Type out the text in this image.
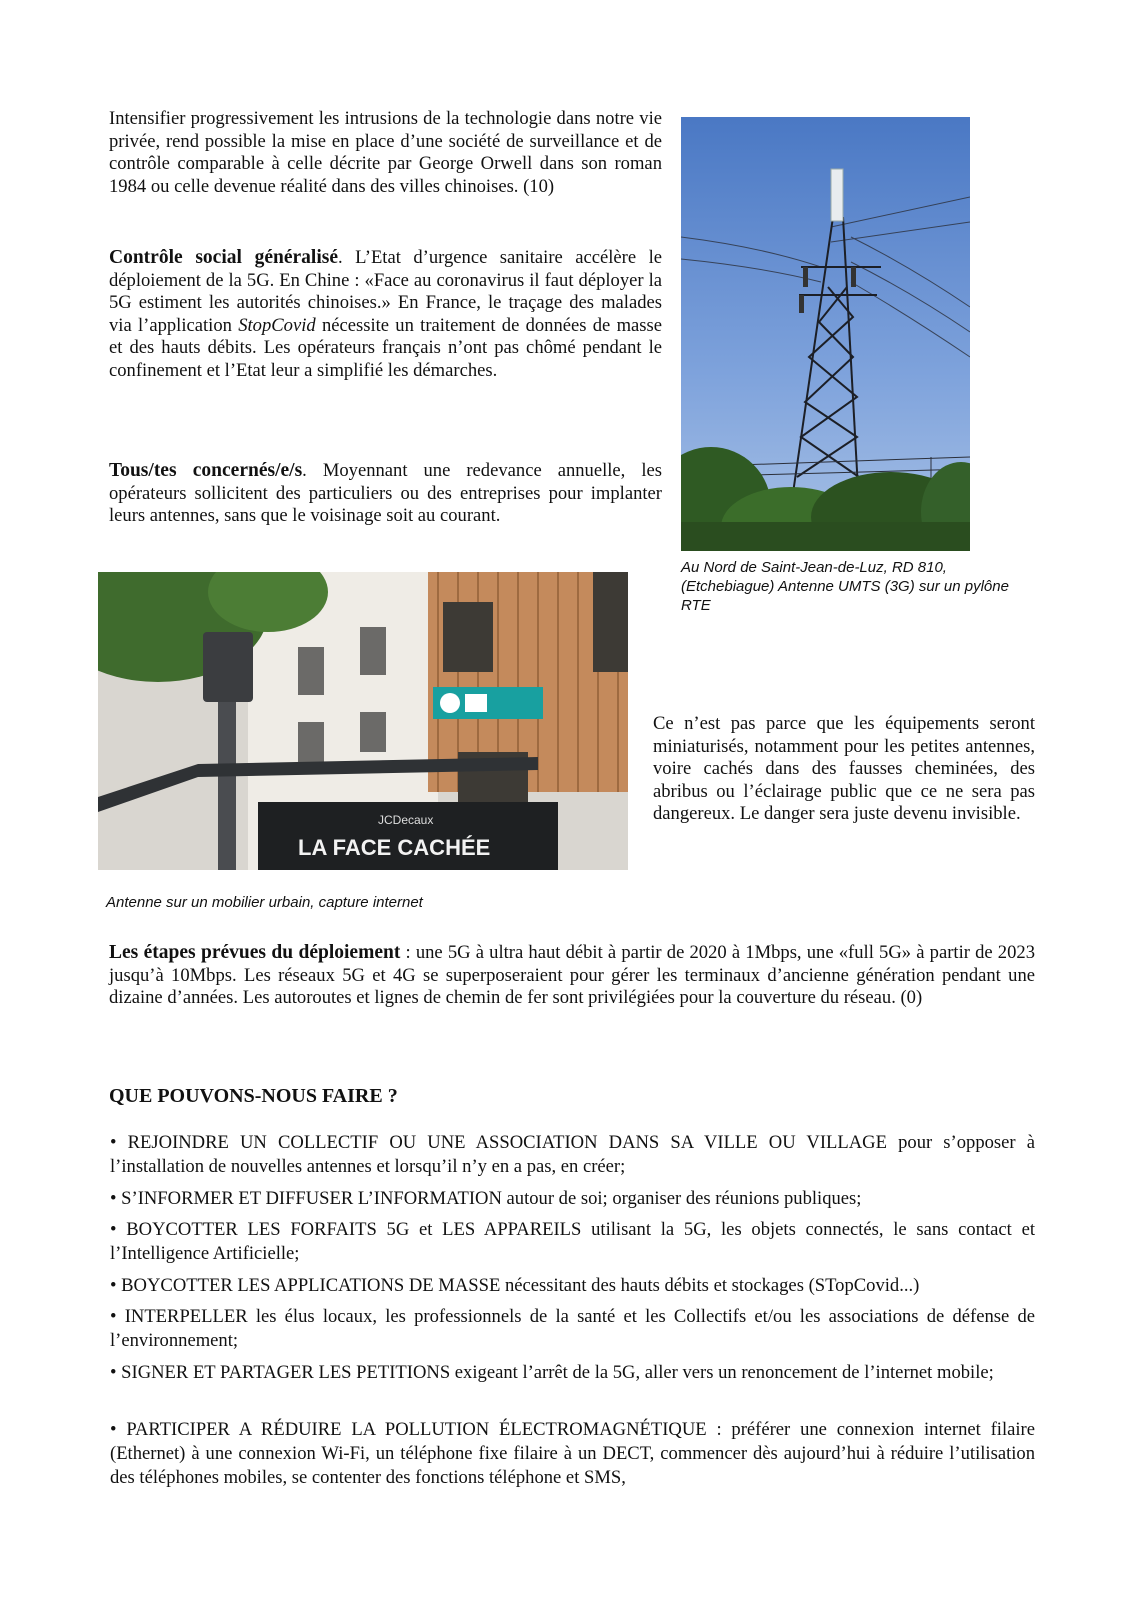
Intensifier progressivement les intrusions de la technologie dans notre vie privée, rend possible la mise en place d’une société de surveillance et de contrôle comparable à celle décrite par George Orwell dans son roman 1984 ou celle devenue réalité dans des villes chinoises. (10)

Contrôle social généralisé. L’Etat d’urgence sanitaire accélère le déploiement de la 5G. En Chine : «Face au coronavirus il faut déployer la 5G estiment les autorités chinoises.» En France, le traçage des malades via l’application StopCovid nécessite un traitement de données de masse et des hauts débits. Les opérateurs français n’ont pas chômé pendant le confinement et l’Etat leur a simplifié les démarches.

Tous/tes concernés/e/s. Moyennant une redevance annuelle, les opérateurs sollicitent des particuliers ou des entreprises pour implanter leurs antennes, sans que le voisinage soit au courant.

Au Nord de Saint-Jean-de-Luz, RD 810, (Etchebiague) Antenne UMTS (3G) sur un pylône RTE

JCDecaux
LA FACE CACHÉE

Antenne sur un mobilier urbain, capture internet

Ce n’est pas parce que les équipements seront miniaturisés, notamment pour les petites antennes, voire cachés dans des fausses cheminées, des abribus ou l’éclairage public que ce ne sera pas dangereux. Le danger sera juste devenu invisible.

Les étapes prévues du déploiement : une 5G à ultra haut débit à partir de 2020 à 1Mbps, une «full 5G» à partir de 2023 jusqu’à 10Mbps. Les réseaux 5G et 4G se superposeraient pour gérer les terminaux d’ancienne génération pendant une dizaine d’années. Les autoroutes et lignes de chemin de fer sont privilégiées pour la couverture du réseau. (0)

QUE POUVONS-NOUS FAIRE ?

• REJOINDRE UN COLLECTIF OU UNE ASSOCIATION DANS SA VILLE OU VILLAGE pour s’opposer à l’installation de nouvelles antennes et lorsqu’il n’y en a pas, en créer;

• S’INFORMER ET DIFFUSER L’INFORMATION autour de soi; organiser des réunions publiques;

• BOYCOTTER LES FORFAITS 5G et LES APPAREILS utilisant la 5G, les objets connectés, le sans contact et l’Intelligence Artificielle;

• BOYCOTTER LES APPLICATIONS DE MASSE nécessitant des hauts débits et stockages (STopCovid...)

• INTERPELLER les élus locaux, les professionnels de la santé et les Collectifs et/ou les associations de défense de l’environnement;

• SIGNER ET PARTAGER LES PETITIONS exigeant l’arrêt de la 5G, aller vers un renoncement de l’internet mobile;

• PARTICIPER A RÉDUIRE LA POLLUTION ÉLECTROMAGNÉTIQUE : préférer une connexion internet filaire (Ethernet) à une connexion Wi-Fi, un téléphone fixe filaire à un DECT, commencer dès aujourd’hui à réduire l’utilisation des téléphones mobiles, se contenter des fonctions téléphone et SMS,
